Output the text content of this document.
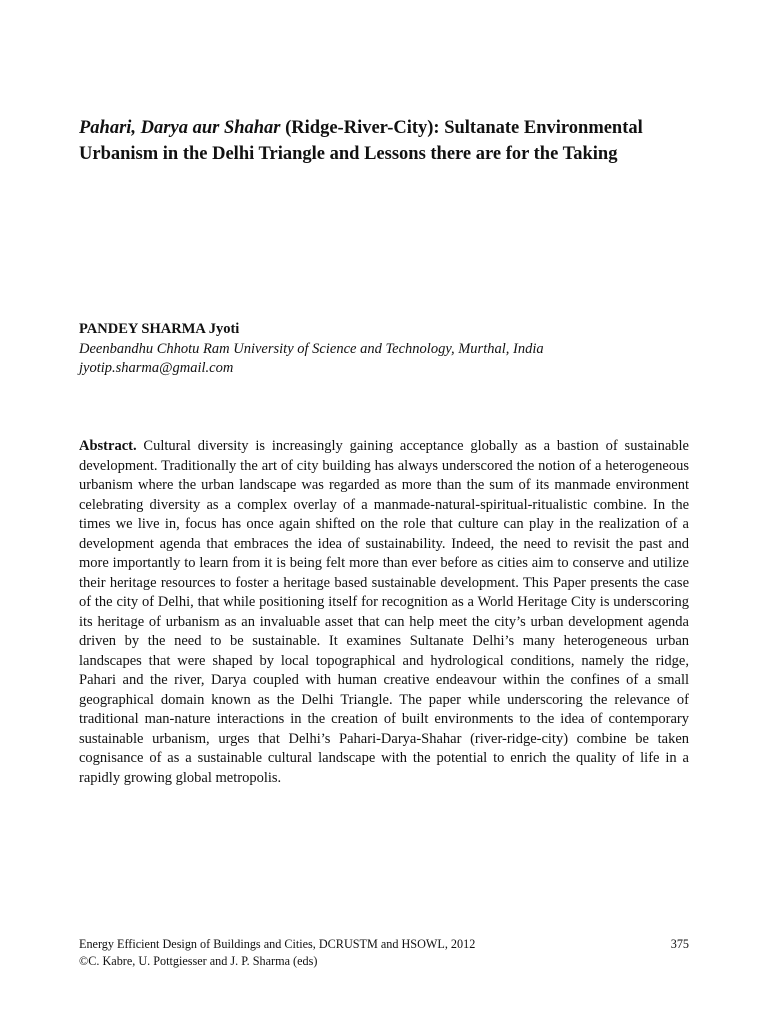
Pahari, Darya aur Shahar (Ridge-River-City): Sultanate Environmental Urbanism in the Delhi Triangle and Lessons there are for the Taking
PANDEY SHARMA Jyoti
Deenbandhu Chhotu Ram University of Science and Technology, Murthal, India
jyotip.sharma@gmail.com
Abstract. Cultural diversity is increasingly gaining acceptance globally as a bastion of sustainable development. Traditionally the art of city building has always underscored the notion of a heterogeneous urbanism where the urban landscape was regarded as more than the sum of its manmade environment celebrating diversity as a complex overlay of a manmade-natural-spiritual-ritualistic combine. In the times we live in, focus has once again shifted on the role that culture can play in the realization of a development agenda that embraces the idea of sustainability. Indeed, the need to revisit the past and more importantly to learn from it is being felt more than ever before as cities aim to conserve and utilize their heritage resources to foster a heritage based sustainable development. This Paper presents the case of the city of Delhi, that while positioning itself for recognition as a World Heritage City is underscoring its heritage of urbanism as an invaluable asset that can help meet the city’s urban development agenda driven by the need to be sustainable. It examines Sultanate Delhi’s many heterogeneous urban landscapes that were shaped by local topographical and hydrological conditions, namely the ridge, Pahari and the river, Darya coupled with human creative endeavour within the confines of a small geographical domain known as the Delhi Triangle. The paper while underscoring the relevance of traditional man-nature interactions in the creation of built environments to the idea of contemporary sustainable urbanism, urges that Delhi’s Pahari-Darya-Shahar (river-ridge-city) combine be taken cognisance of as a sustainable cultural landscape with the potential to enrich the quality of life in a rapidly growing global metropolis.
Energy Efficient Design of Buildings and Cities, DCRUSTM and HSOWL, 2012	375
©C. Kabre, U. Pottgiesser and J. P. Sharma (eds)
